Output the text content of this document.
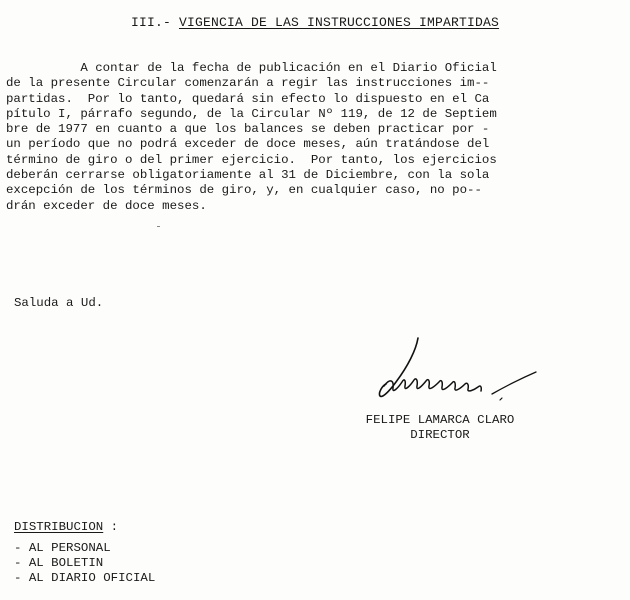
III.- VIGENCIA DE LAS INSTRUCCIONES IMPARTIDAS
A contar de la fecha de publicación en el Diario Oficial
de la presente Circular comenzarán a regir las instrucciones im--
partidas.  Por lo tanto, quedará sin efecto lo dispuesto en el Ca
pítulo I, párrafo segundo, de la Circular Nº 119, de 12 de Septiem
bre de 1977 en cuanto a que los balances se deben practicar por -
un período que no podrá exceder de doce meses, aún tratándose del
término de giro o del primer ejercicio.  Por tanto, los ejercicios
deberán cerrarse obligatoriamente al 31 de Diciembre, con la sola
excepción de los términos de giro, y, en cualquier caso, no po--
drán exceder de doce meses.
Saluda a Ud.
FELIPE LAMARCA CLARO
DIRECTOR
DISTRIBUCION :
- AL PERSONAL
- AL BOLETIN
- AL DIARIO OFICIAL
